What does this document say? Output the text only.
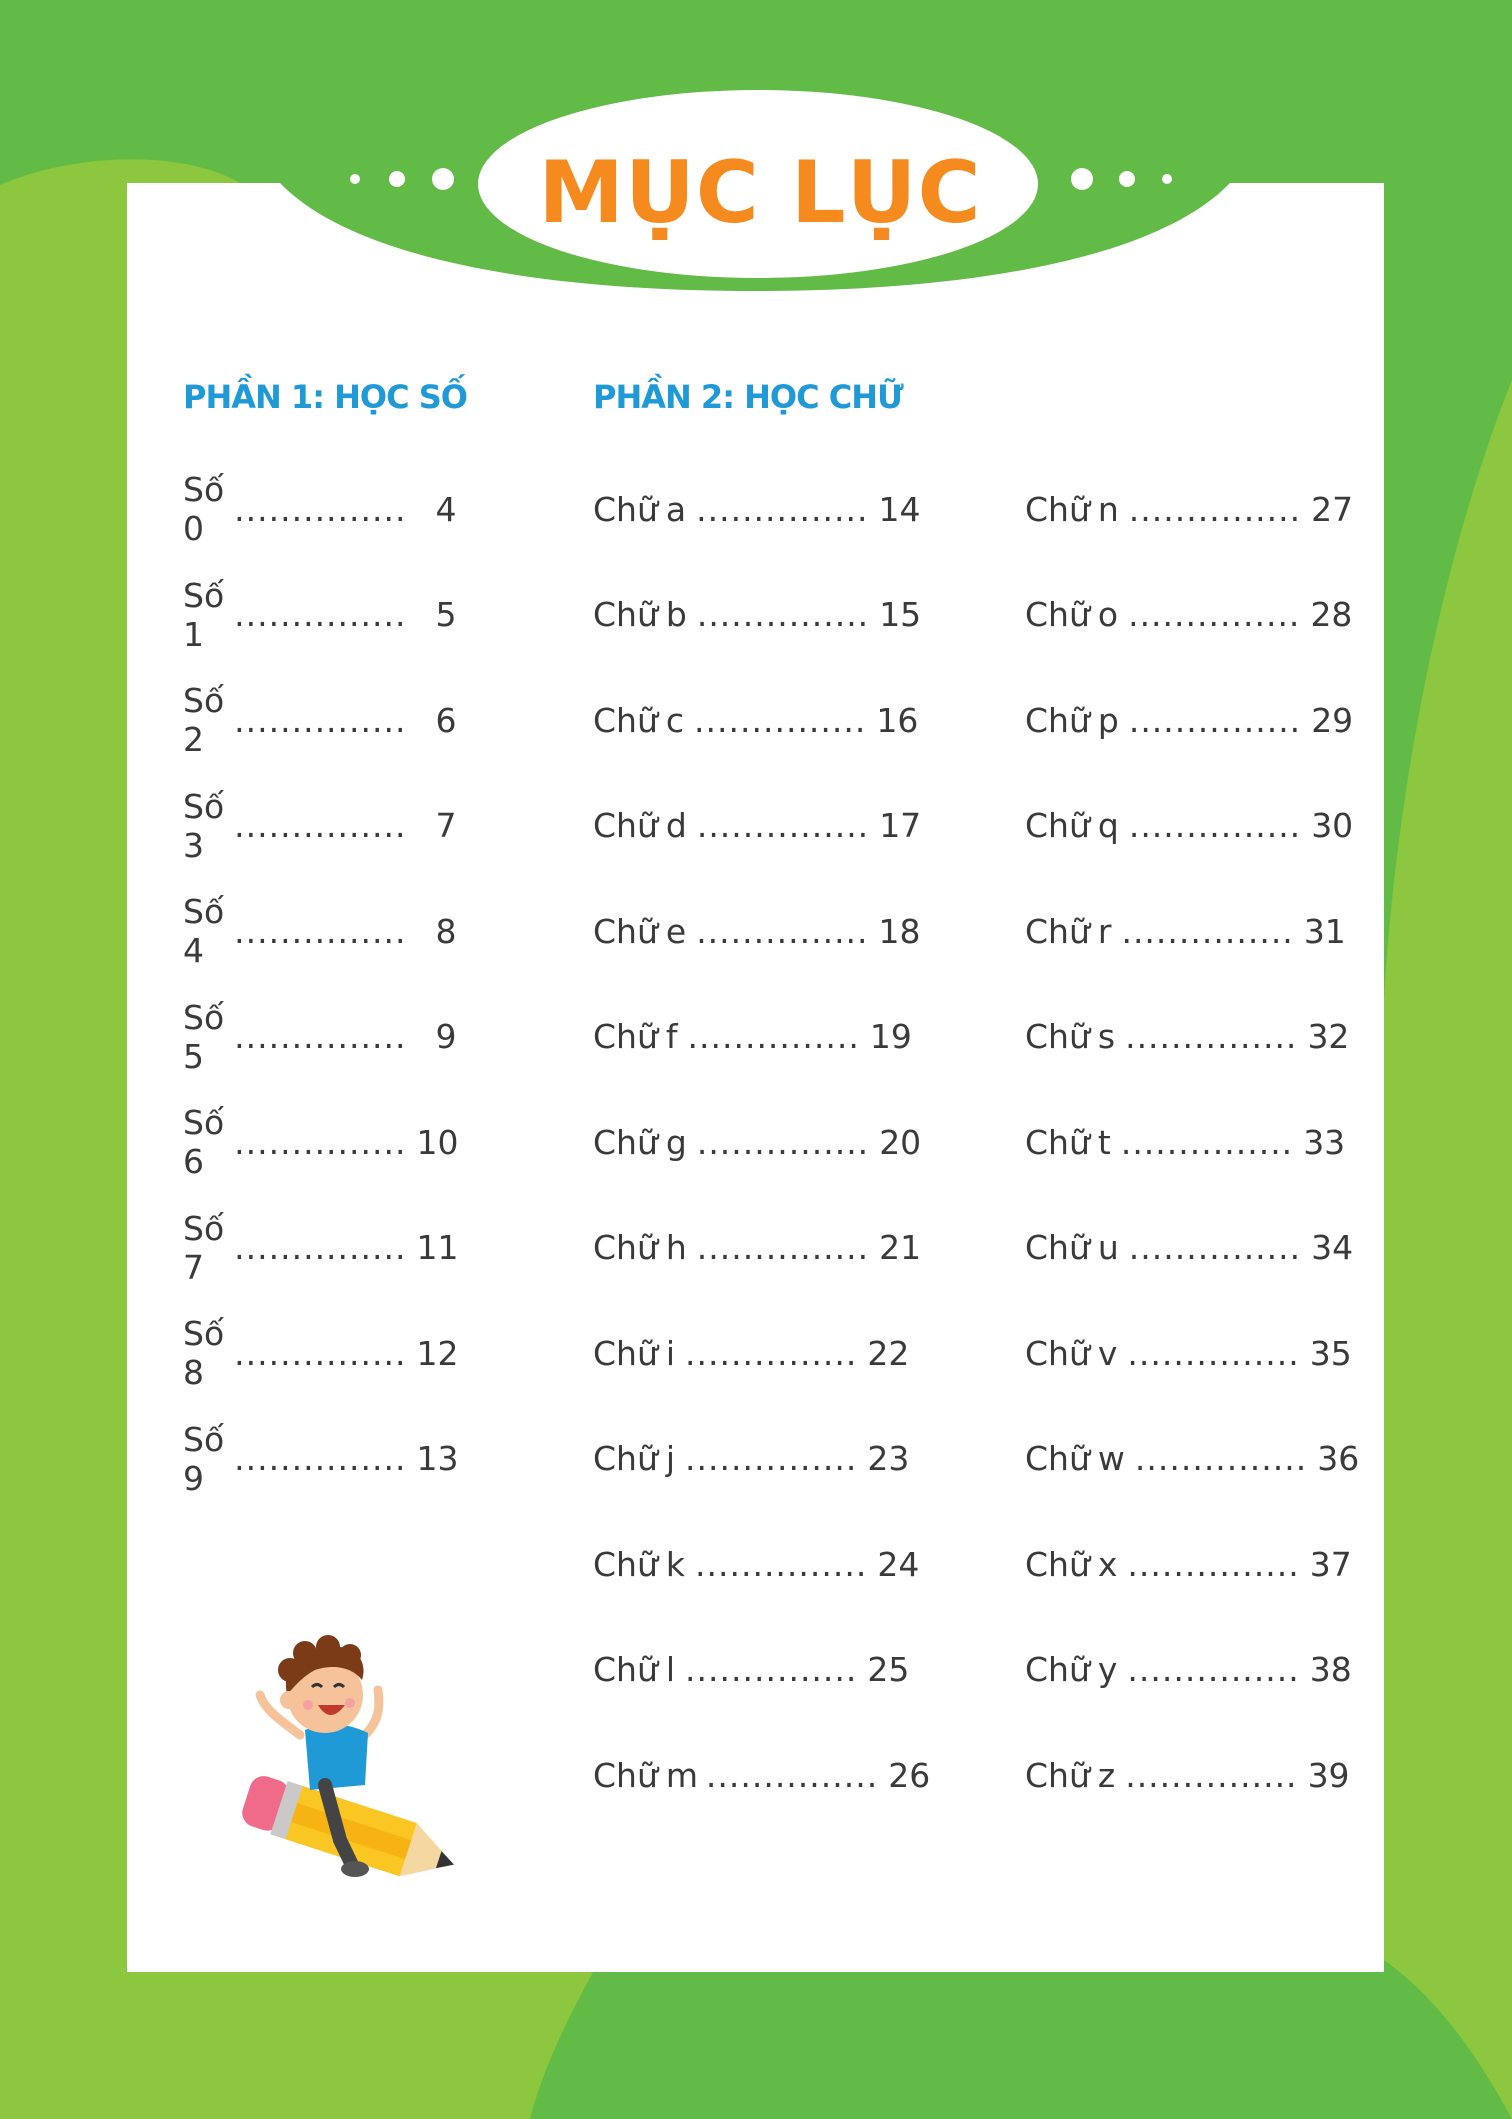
MỤC LỤC
PHẦN 1: HỌC SỐ	PHẦN 2: HỌC CHỮ
Số 0 ............... 4
Số 1 ............... 5
Số 2 ............... 6
Số 3 ............... 7
Số 4 ............... 8
Số 5 ............... 9
Số 6 ............... 10
Số 7 ............... 11
Số 8 ............... 12
Số 9 ............... 13
Chữ a ............... 14
Chữ b ............... 15
Chữ c ............... 16
Chữ d ............... 17
Chữ e ............... 18
Chữ f ............... 19
Chữ g ............... 20
Chữ h ............... 21
Chữ i ............... 22
Chữ j ............... 23
Chữ k ............... 24
Chữ l ............... 25
Chữ m ............... 26
Chữ n ............... 27
Chữ o ............... 28
Chữ p ............... 29
Chữ q ............... 30
Chữ r ............... 31
Chữ s ............... 32
Chữ t ............... 33
Chữ u ............... 34
Chữ v ............... 35
Chữ w ............... 36
Chữ x ............... 37
Chữ y ............... 38
Chữ z ............... 39
